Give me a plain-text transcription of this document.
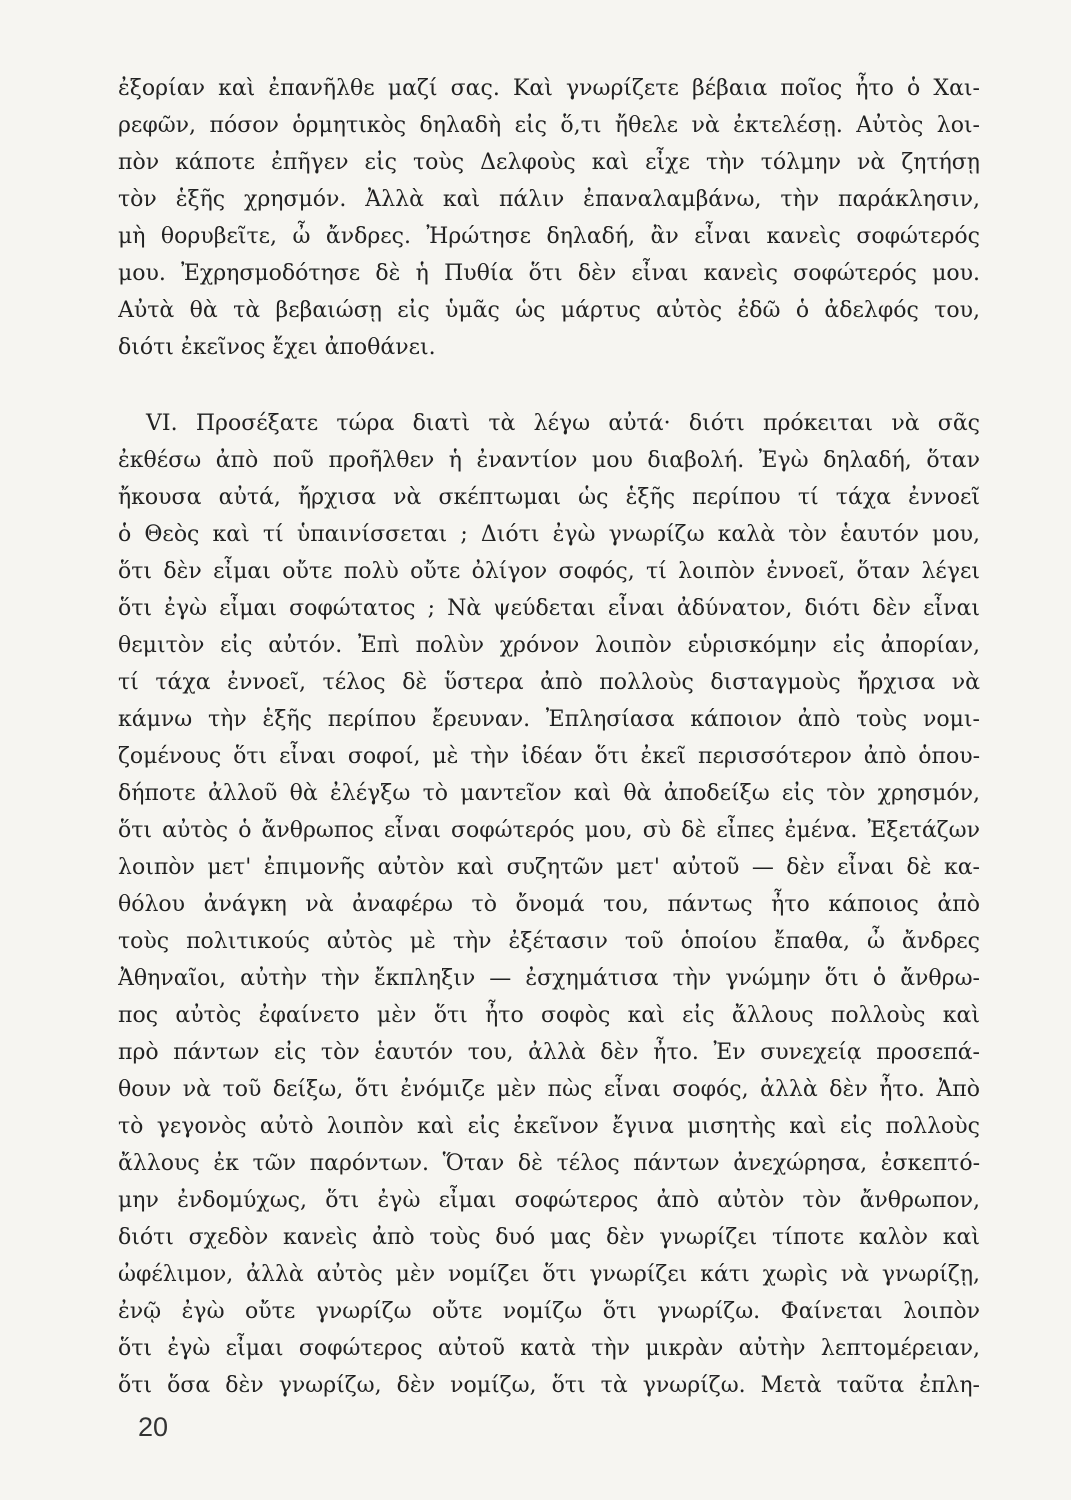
ἐξορίαν καὶ ἐπανῆλθε μαζί σας. Καὶ γνωρίζετε βέβαια ποῖος ἦτο ὁ Χαι-
ρεφῶν, πόσον ὁρμητικὸς δηλαδὴ εἰς ὅ,τι ἤθελε νὰ ἐκτελέσῃ. Αὐτὸς λοι-
πὸν κάποτε ἐπῆγεν εἰς τοὺς Δελφοὺς καὶ εἶχε τὴν τόλμην νὰ ζητήσῃ
τὸν ἑξῆς χρησμόν. Ἀλλὰ καὶ πάλιν ἐπαναλαμβάνω, τὴν παράκλησιν,
μὴ θορυβεῖτε, ὦ ἄνδρες. Ἠρώτησε δηλαδή, ἂν εἶναι κανεὶς σοφώτερός
μου. Ἐχρησμοδότησε δὲ ἡ Πυθία ὅτι δὲν εἶναι κανεὶς σοφώτερός μου.
Αὐτὰ θὰ τὰ βεβαιώσῃ εἰς ὑμᾶς ὡς μάρτυς αὐτὸς ἐδῶ ὁ ἀδελφός του,
διότι ἐκεῖνος ἔχει ἀποθάνει.
VI. Προσέξατε τώρα διατὶ τὰ λέγω αὐτά· διότι πρόκειται νὰ σᾶς
ἐκθέσω ἀπὸ ποῦ προῆλθεν ἡ ἐναντίον μου διαβολή. Ἐγὼ δηλαδή, ὅταν
ἤκουσα αὐτά, ἤρχισα νὰ σκέπτωμαι ὡς ἑξῆς περίπου τί τάχα ἐννοεῖ
ὁ Θεὸς καὶ τί ὑπαινίσσεται ; Διότι ἐγὼ γνωρίζω καλὰ τὸν ἑαυτόν μου,
ὅτι δὲν εἶμαι οὔτε πολὺ οὔτε ὀλίγον σοφός, τί λοιπὸν ἐννοεῖ, ὅταν λέγει
ὅτι ἐγὼ εἶμαι σοφώτατος ; Νὰ ψεύδεται εἶναι ἀδύνατον, διότι δὲν εἶναι
θεμιτὸν εἰς αὐτόν. Ἐπὶ πολὺν χρόνον λοιπὸν εὑρισκόμην εἰς ἀπορίαν,
τί τάχα ἐννοεῖ, τέλος δὲ ὕστερα ἀπὸ πολλοὺς δισταγμοὺς ἤρχισα νὰ
κάμνω τὴν ἑξῆς περίπου ἔρευναν. Ἐπλησίασα κάποιον ἀπὸ τοὺς νομι-
ζομένους ὅτι εἶναι σοφοί, μὲ τὴν ἰδέαν ὅτι ἐκεῖ περισσότερον ἀπὸ ὁπου-
δήποτε ἀλλοῦ θὰ ἐλέγξω τὸ μαντεῖον καὶ θὰ ἀποδείξω εἰς τὸν χρησμόν,
ὅτι αὐτὸς ὁ ἄνθρωπος εἶναι σοφώτερός μου, σὺ δὲ εἶπες ἐμένα. Ἐξετάζων
λοιπὸν μετ' ἐπιμονῆς αὐτὸν καὶ συζητῶν μετ' αὐτοῦ — δὲν εἶναι δὲ κα-
θόλου ἀνάγκη νὰ ἀναφέρω τὸ ὄνομά του, πάντως ἦτο κάποιος ἀπὸ
τοὺς πολιτικούς αὐτὸς μὲ τὴν ἐξέτασιν τοῦ ὁποίου ἔπαθα, ὦ ἄνδρες
Ἀθηναῖοι, αὐτὴν τὴν ἔκπληξιν — ἐσχημάτισα τὴν γνώμην ὅτι ὁ ἄνθρω-
πος αὐτὸς ἐφαίνετο μὲν ὅτι ἦτο σοφὸς καὶ εἰς ἄλλους πολλοὺς καὶ
πρὸ πάντων εἰς τὸν ἑαυτόν του, ἀλλὰ δὲν ἦτο. Ἐν συνεχείᾳ προσεπά-
θουν νὰ τοῦ δείξω, ὅτι ἐνόμιζε μὲν πὼς εἶναι σοφός, ἀλλὰ δὲν ἦτο. Ἀπὸ
τὸ γεγονὸς αὐτὸ λοιπὸν καὶ εἰς ἐκεῖνον ἔγινα μισητὴς καὶ εἰς πολλοὺς
ἄλλους ἐκ τῶν παρόντων. Ὅταν δὲ τέλος πάντων ἀνεχώρησα, ἐσκεπτό-
μην ἐνδομύχως, ὅτι ἐγὼ εἶμαι σοφώτερος ἀπὸ αὐτὸν τὸν ἄνθρωπον,
διότι σχεδὸν κανεὶς ἀπὸ τοὺς δυό μας δὲν γνωρίζει τίποτε καλὸν καὶ
ὠφέλιμον, ἀλλὰ αὐτὸς μὲν νομίζει ὅτι γνωρίζει κάτι χωρὶς νὰ γνωρίζῃ,
ἐνῷ ἐγὼ οὔτε γνωρίζω οὔτε νομίζω ὅτι γνωρίζω. Φαίνεται λοιπὸν
ὅτι ἐγὼ εἶμαι σοφώτερος αὐτοῦ κατὰ τὴν μικρὰν αὐτὴν λεπτομέρειαν,
ὅτι ὅσα δὲν γνωρίζω, δὲν νομίζω, ὅτι τὰ γνωρίζω. Μετὰ ταῦτα ἐπλη-
20
